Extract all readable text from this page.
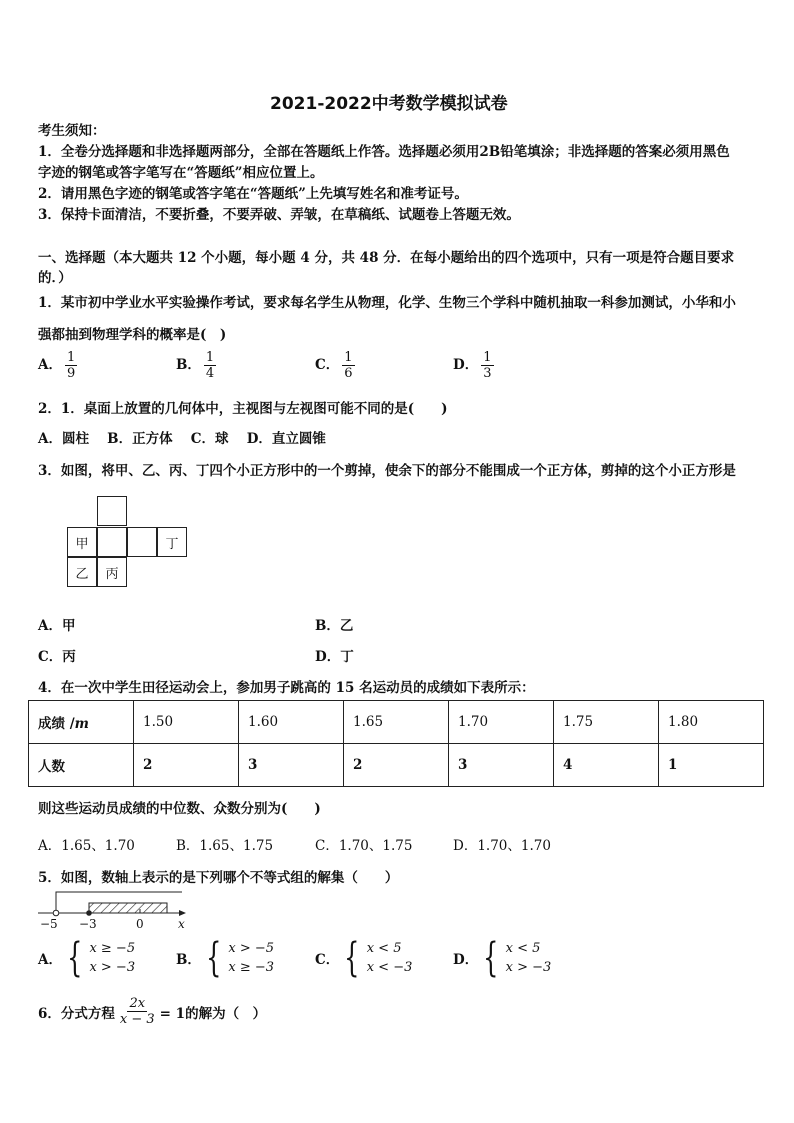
2021-2022中考数学模拟试卷
考生须知：
1．全卷分选择题和非选择题两部分，全部在答题纸上作答。选择题必须用2B铅笔填涂；非选择题的答案必须用黑色
字迹的钢笔或答字笔写在“答题纸”相应位置上。
2．请用黑色字迹的钢笔或答字笔在“答题纸”上先填写姓名和准考证号。
3．保持卡面清洁，不要折叠，不要弄破、弄皱，在草稿纸、试题卷上答题无效。
一、选择题（本大题共 12 个小题，每小题 4 分，共 48 分．在每小题给出的四个选项中，只有一项是符合题目要求
的．）
1．某市初中学业水平实验操作考试，要求每名学生从物理，化学、生物三个学科中随机抽取一科参加测试，小华和小
强都抽到物理学科的概率是(　)
A． $\frac{1}{9}$	B． $\frac{1}{4}$	C． $\frac{1}{6}$	D． $\frac{1}{3}$
2．1．桌面上放置的几何体中，主视图与左视图可能不同的是(　　)
A．圆柱　 B．正方体　 C．球　 D．直立圆锥
3．如图，将甲、乙、丙、丁四个小正方形中的一个剪掉，使余下的部分不能围成一个正方体，剪掉的这个小正方形是
甲	丁
乙	丙
A．甲	B．乙
C．丙	D．丁
4．在一次中学生田径运动会上，参加男子跳高的 15 名运动员的成绩如下表所示：
成绩 /m	1.50	1.60	1.65	1.70	1.75	1.80
人数	2	3	2	3	4	1
则这些运动员成绩的中位数、众数分别为(　　)
A．1.65、1.70	B．1.65、1.75	C．1.70、1.75	D．1.70、1.70
5．如图，数轴上表示的是下列哪个不等式组的解集（　　）
−5 −3	0	x
A． { x ≥ −5
x > −3	B． { x > −5
x ≥ −3	C． { x < 5
x < −3	D． { x < 5
x > −3
6．分式方程 $\frac{2x}{x - 3} = 1$的解为（　）
